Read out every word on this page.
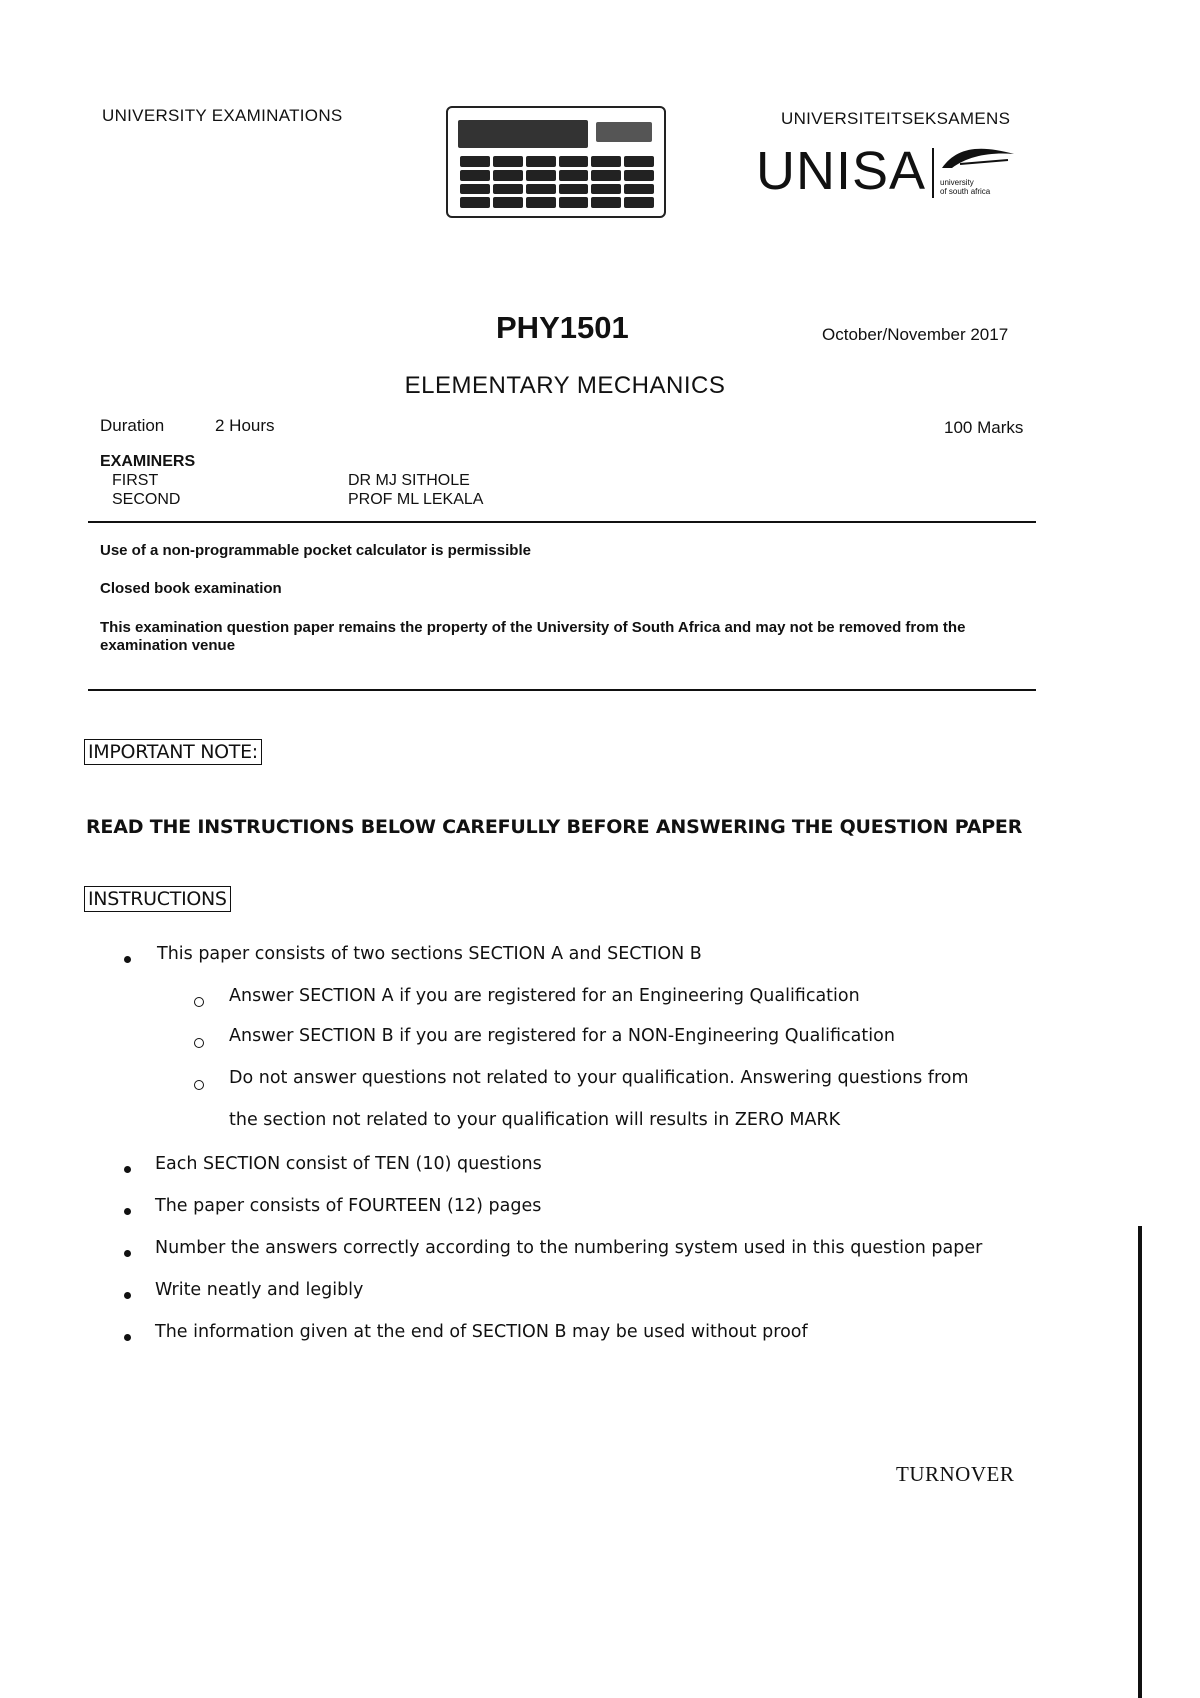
UNIVERSITY EXAMINATIONS	UNIVERSITEITSEKSAMENS
UNISA university
of south africa
PHY1501	October/November 2017
ELEMENTARY MECHANICS
Duration	2 Hours	100 Marks
EXAMINERS
FIRST	DR MJ SITHOLE
SECOND	PROF ML LEKALA
Use of a non-programmable pocket calculator is permissible
Closed book examination
This examination question paper remains the property of the University of South Africa and may not be removed from the examination venue
IMPORTANT NOTE:
READ THE INSTRUCTIONS BELOW CAREFULLY BEFORE ANSWERING THE QUESTION PAPER
INSTRUCTIONS
This paper consists of two sections SECTION A and SECTION B
Answer SECTION A if you are registered for an Engineering Qualification
Answer SECTION B if you are registered for a NON-Engineering Qualification
Do not answer questions not related to your qualification. Answering questions from
the section not related to your qualification will results in ZERO MARK
Each SECTION consist of TEN (10) questions
The paper consists of FOURTEEN (12) pages
Number the answers correctly according to the numbering system used in this question paper
Write neatly and legibly
The information given at the end of SECTION B may be used without proof
TURNOVER
